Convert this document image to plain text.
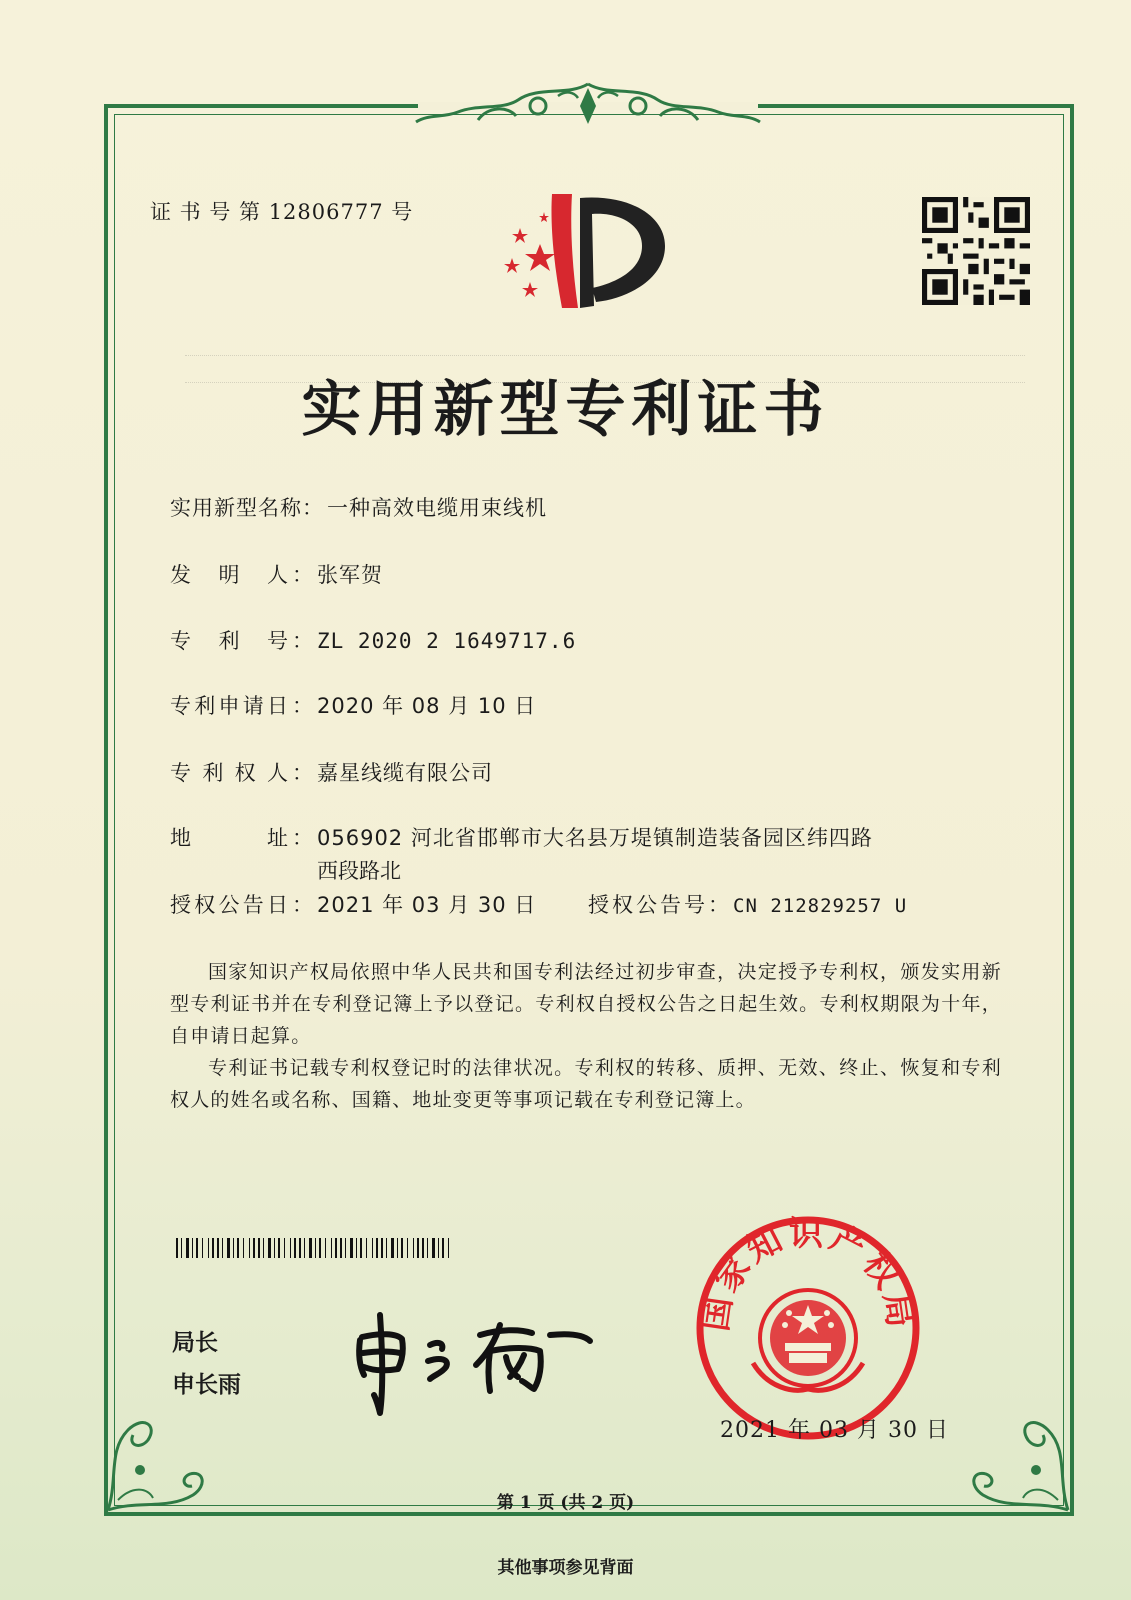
证 书 号 第 12806777 号
实用新型专利证书
实用新型名称： 一种高效电缆用束线机
发 明 人 ： 张军贺
专 利 号 ： ZL 2020 2 1649717.6
专 利 申 请 日 ： 2020 年 08 月 10 日
专 利 权 人 ： 嘉星线缆有限公司
地	址 ： 056902 河北省邯郸市大名县万堤镇制造装备园区纬四路
西段路北
授 权 公 告 日 ： 2021 年 03 月 30 日 授权公告号： CN 212829257 U
国家知识产权局依照中华人民共和国专利法经过初步审查，决定授予专利权，颁发实用新型专利证书并在专利登记簿上予以登记。专利权自授权公告之日起生效。专利权期限为十年，自申请日起算。
专利证书记载专利权登记时的法律状况。专利权的转移、质押、无效、终止、恢复和专利权人的姓名或名称、国籍、地址变更等事项记载在专利登记簿上。
局长
申长雨
国家知识产权局
2021 年 03 月 30 日
第 1 页 (共 2 页)
其他事项参见背面
